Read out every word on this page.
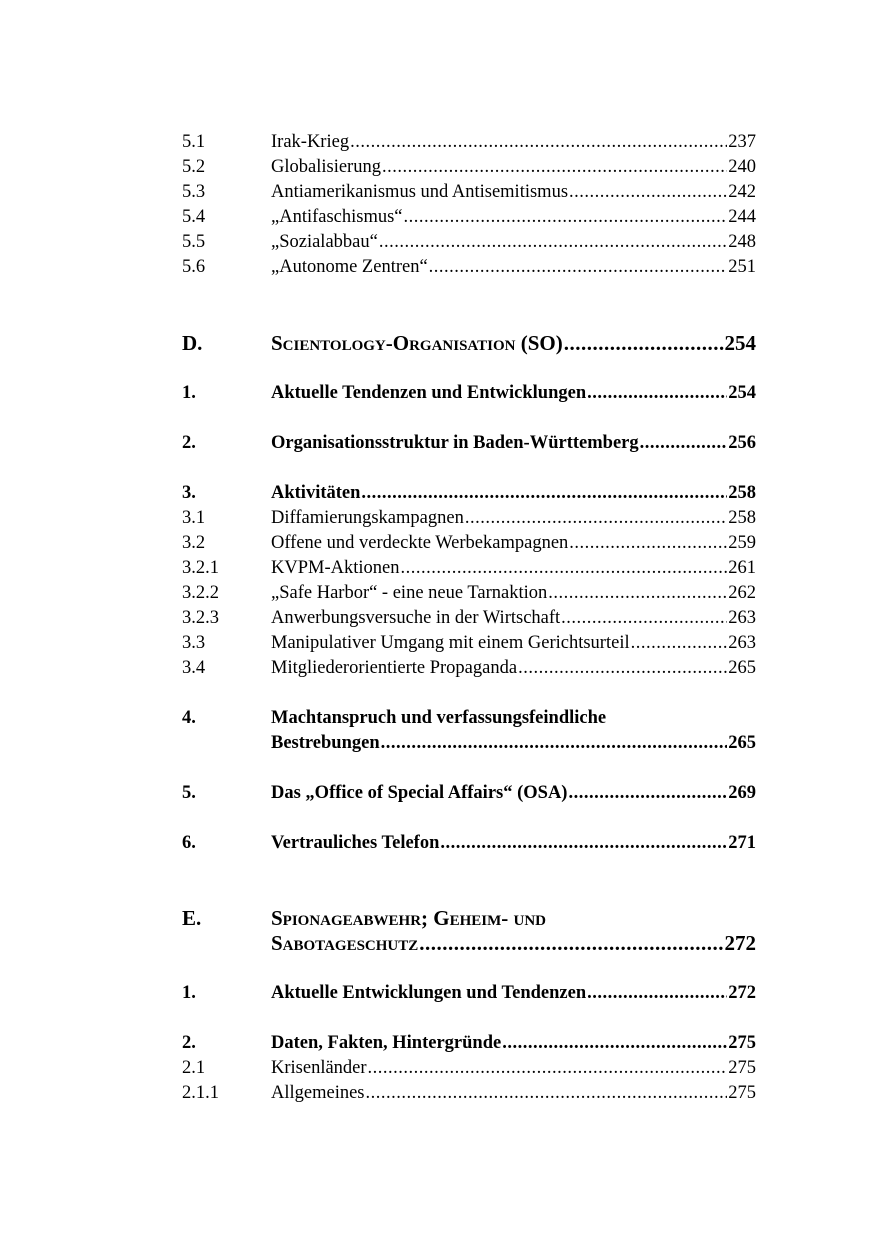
5.1	Irak-Krieg .....	237
5.2	Globalisierung .....	240
5.3	Antiamerikanismus und Antisemitismus .....	242
5.4	„Antifaschismus“ .....	244
5.5	„Sozialabbau“ .....	248
5.6	„Autonome Zentren“ .....	251
D.	Scientology-Organisation (SO) .....	254
1.	Aktuelle Tendenzen und Entwicklungen .....	254
2.	Organisationsstruktur in Baden-Württemberg .....	256
3.	Aktivitäten .....	258
3.1	Diffamierungskampagnen .....	258
3.2	Offene und verdeckte Werbekampagnen .....	259
3.2.1	KVPM-Aktionen .....	261
3.2.2	„Safe Harbor“ - eine neue Tarnaktion .....	262
3.2.3	Anwerbungsversuche in der Wirtschaft .....	263
3.3	Manipulativer Umgang mit einem Gerichtsurteil .....	263
3.4	Mitgliederorientierte Propaganda .....	265
4.	Machtanspruch und verfassungsfeindliche
Bestrebungen .....	265
5.	Das „Office of Special Affairs“ (OSA) .....	269
6.	Vertrauliches Telefon .....	271
E.	Spionageabwehr; Geheim- und
Sabotageschutz .....	272
1.	Aktuelle Entwicklungen und Tendenzen .....	272
2.	Daten, Fakten, Hintergründe .....	275
2.1	Krisenländer .....	275
2.1.1	Allgemeines .....	275
